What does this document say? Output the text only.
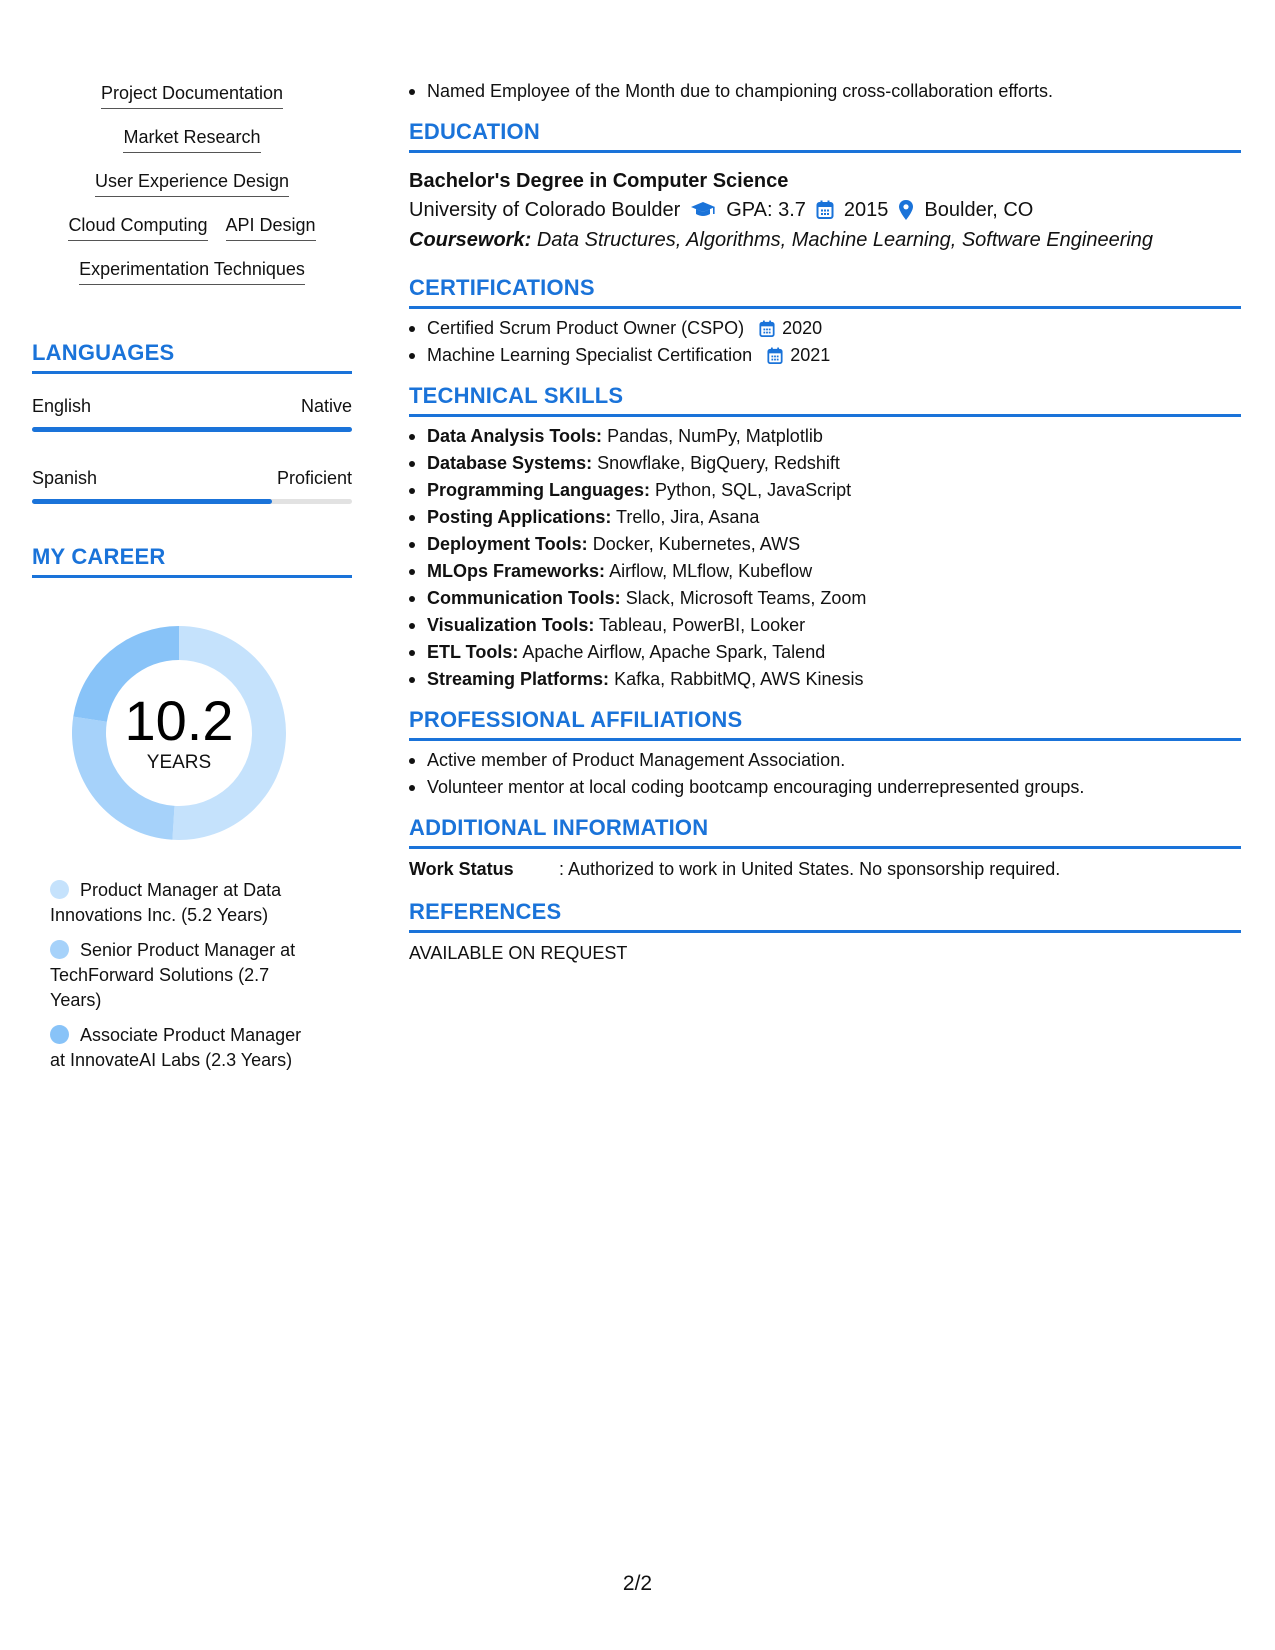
Project Documentation
Market Research
User Experience Design
Cloud Computing API Design
Experimentation Techniques
LANGUAGES
English	Native
Spanish	Proficient
MY CAREER
10.2
YEARS
Product Manager at Data Innovations Inc. (5.2 Years)
Senior Product Manager at TechForward Solutions (2.7 Years)
Associate Product Manager at InnovateAI Labs (2.3 Years)
Named Employee of the Month due to championing cross-collaboration efforts.
EDUCATION
Bachelor's Degree in Computer Science
University of Colorado Boulder GPA: 3.7 2015 Boulder, CO
Coursework: Data Structures, Algorithms, Machine Learning, Software Engineering
CERTIFICATIONS
Certified Scrum Product Owner (CSPO) 2020
Machine Learning Specialist Certification 2021
TECHNICAL SKILLS
Data Analysis Tools: Pandas, NumPy, Matplotlib
Database Systems: Snowflake, BigQuery, Redshift
Programming Languages: Python, SQL, JavaScript
Posting Applications: Trello, Jira, Asana
Deployment Tools: Docker, Kubernetes, AWS
MLOps Frameworks: Airflow, MLflow, Kubeflow
Communication Tools: Slack, Microsoft Teams, Zoom
Visualization Tools: Tableau, PowerBI, Looker
ETL Tools: Apache Airflow, Apache Spark, Talend
Streaming Platforms: Kafka, RabbitMQ, AWS Kinesis
PROFESSIONAL AFFILIATIONS
Active member of Product Management Association.
Volunteer mentor at local coding bootcamp encouraging underrepresented groups.
ADDITIONAL INFORMATION
Work Status	: Authorized to work in United States. No sponsorship required.
REFERENCES
AVAILABLE ON REQUEST
2/2
